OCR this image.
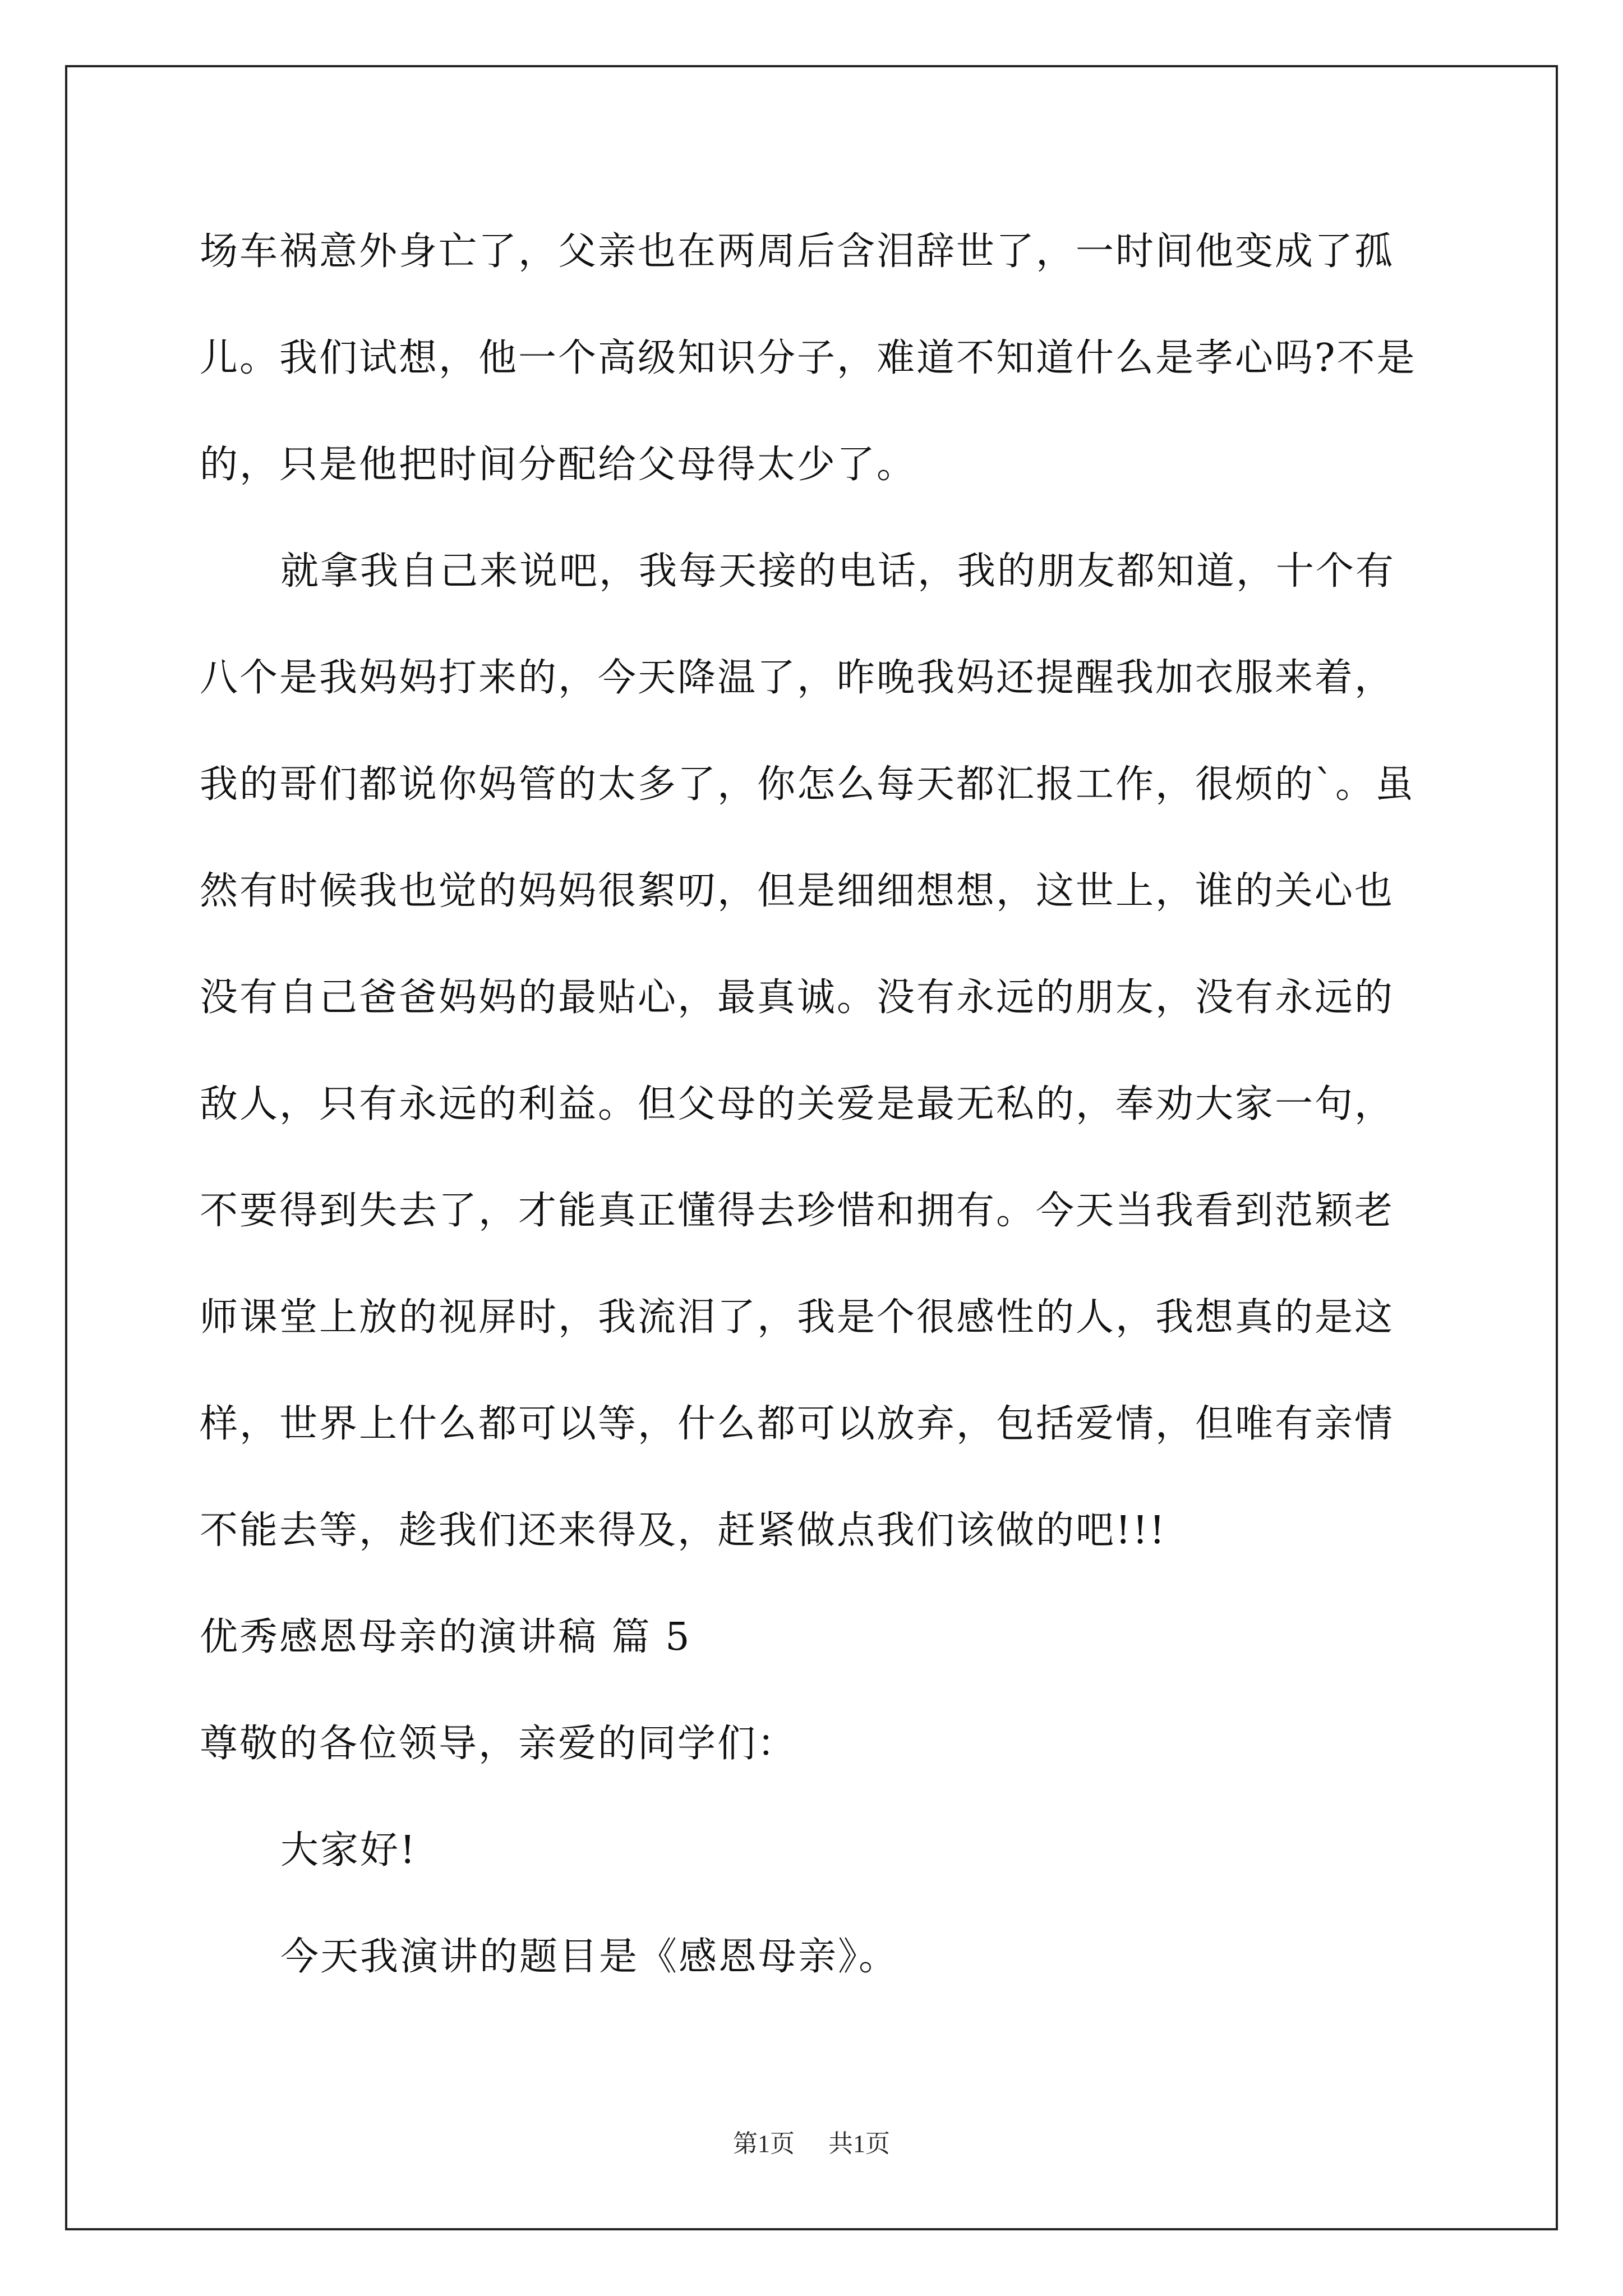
场车祸意外身亡了，父亲也在两周后含泪辞世了，一时间他变成了孤
儿。我们试想，他一个高级知识分子，难道不知道什么是孝心吗?不是
的，只是他把时间分配给父母得太少了。
就拿我自己来说吧，我每天接的电话，我的朋友都知道，十个有
八个是我妈妈打来的，今天降温了，昨晚我妈还提醒我加衣服来着，
我的哥们都说你妈管的太多了，你怎么每天都汇报工作，很烦的`。虽
然有时候我也觉的妈妈很絮叨，但是细细想想，这世上，谁的关心也
没有自己爸爸妈妈的最贴心，最真诚。没有永远的朋友，没有永远的
敌人，只有永远的利益。但父母的关爱是最无私的，奉劝大家一句，
不要得到失去了，才能真正懂得去珍惜和拥有。今天当我看到范颖老
师课堂上放的视屏时，我流泪了，我是个很感性的人，我想真的是这
样，世界上什么都可以等，什么都可以放弃，包括爱情，但唯有亲情
不能去等，趁我们还来得及，赶紧做点我们该做的吧!!!
优秀感恩母亲的演讲稿 篇 5
尊敬的各位领导，亲爱的同学们：
大家好!
今天我演讲的题目是《感恩母亲》。
第1页 共1页
